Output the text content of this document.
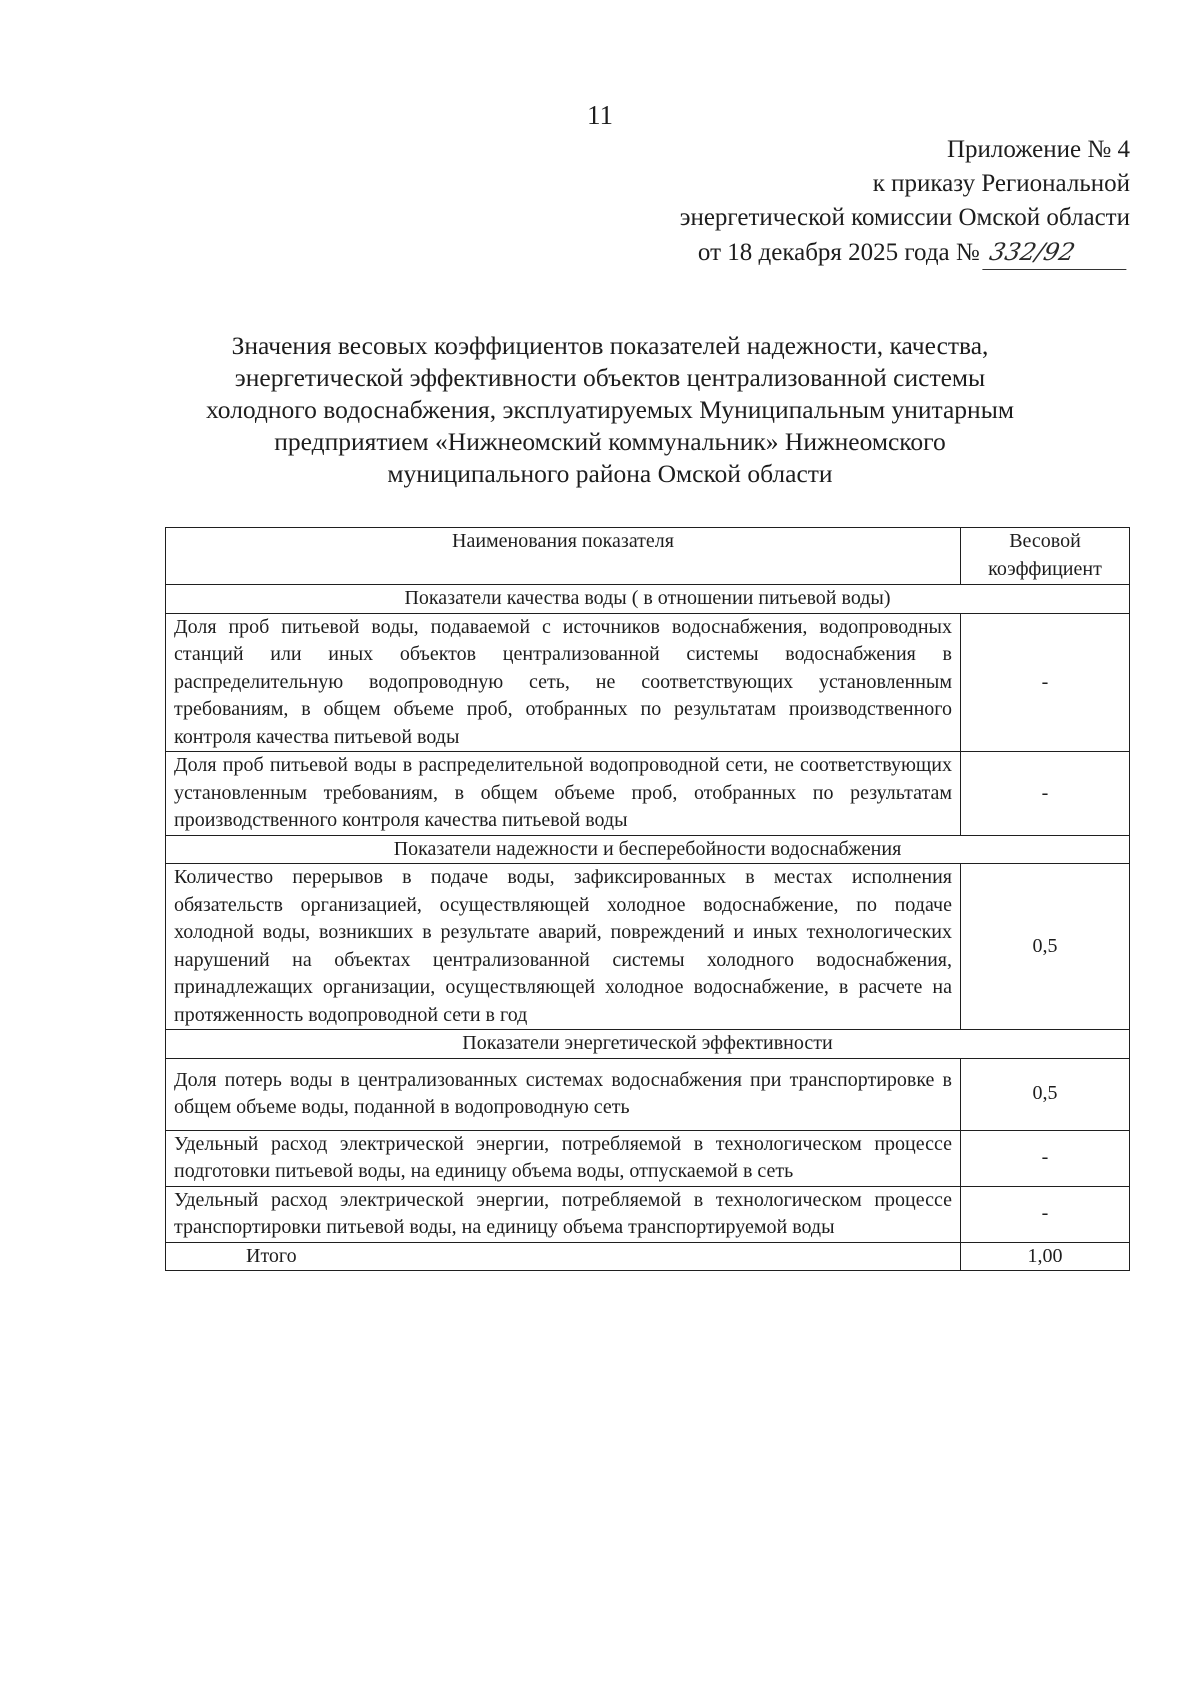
11
Приложение № 4
к приказу Региональной
энергетической комиссии Омской области
от 18 декабря 2025 года №
332/92
Значения весовых коэффициентов показателей надежности, качества,
энергетической эффективности объектов централизованной системы
холодного водоснабжения, эксплуатируемых Муниципальным унитарным
предприятием «Нижнеомский коммунальник» Нижнеомского
муниципального района Омской области
Наименования показателя	Весовой коэффициент
Показатели качества воды ( в отношении питьевой воды)	
Доля проб питьевой воды, подаваемой с источников водоснабжения, водопроводных станций или иных объектов централизованной системы водоснабжения в распределительную водопроводную сеть, не соответствующих установленным требованиям, в общем объеме проб, отобранных по результатам производственного контроля качества питьевой воды	-
Доля проб питьевой воды в распределительной водопроводной сети, не соответствующих установленным требованиям, в общем объеме проб, отобранных по результатам производственного контроля качества питьевой воды	-
Показатели надежности и бесперебойности водоснабжения	
Количество перерывов в подаче воды, зафиксированных в местах исполнения обязательств организацией, осуществляющей холодное водоснабжение, по подаче холодной воды, возникших в результате аварий, повреждений и иных технологических нарушений на объектах централизованной системы холодного водоснабжения, принадлежащих организации, осуществляющей холодное водоснабжение, в расчете на протяженность водопроводной сети в год	0,5
Показатели энергетической эффективности	
Доля потерь воды в централизованных системах водоснабжения при транспортировке в общем объеме воды, поданной в водопроводную сеть	0,5
Удельный расход электрической энергии, потребляемой в технологическом процессе подготовки питьевой воды, на единицу объема воды, отпускаемой в сеть	-
Удельный расход электрической энергии, потребляемой в технологическом процессе транспортировки питьевой воды, на единицу объема транспортируемой воды	-
Итого	1,00
